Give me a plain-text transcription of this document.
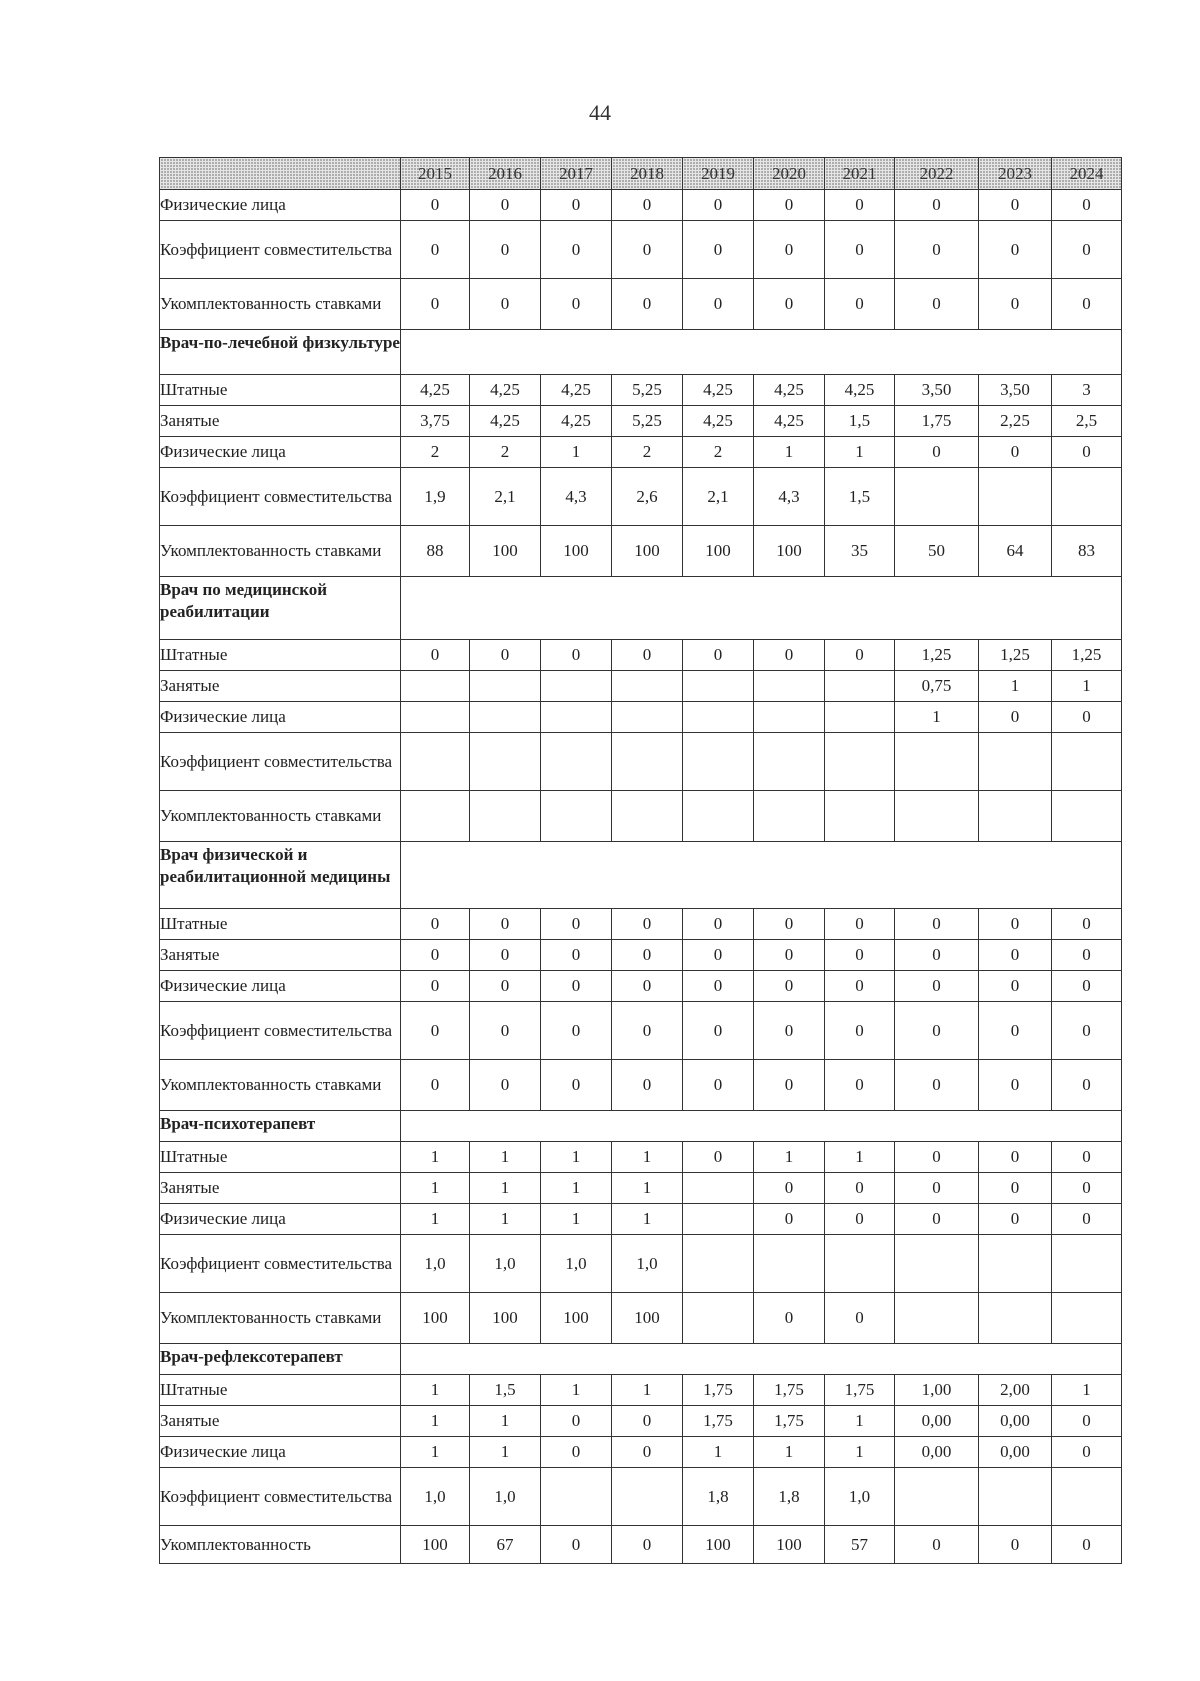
44
	2015	2016	2017	2018	2019	2020	2021	2022	2023	2024
Физические лица	0	0	0	0	0	0	0	0	0	0
Коэффициент совместительства	0	0	0	0	0	0	0	0	0	0
Укомплектованность ставками	0	0	0	0	0	0	0	0	0	0
Врач-по-лечебной физкультуре										
Штатные	4,25	4,25	4,25	5,25	4,25	4,25	4,25	3,50	3,50	3
Занятые	3,75	4,25	4,25	5,25	4,25	4,25	1,5	1,75	2,25	2,5
Физические лица	2	2	1	2	2	1	1	0	0	0
Коэффициент совместительства	1,9	2,1	4,3	2,6	2,1	4,3	1,5			
Укомплектованность ставками	88	100	100	100	100	100	35	50	64	83
Врач по медицинской реабилитации										
Штатные	0	0	0	0	0	0	0	1,25	1,25	1,25
Занятые								0,75	1	1
Физические лица								1	0	0
Коэффициент совместительства										
Укомплектованность ставками										
Врач физической и реабилитационной медицины										
Штатные	0	0	0	0	0	0	0	0	0	0
Занятые	0	0	0	0	0	0	0	0	0	0
Физические лица	0	0	0	0	0	0	0	0	0	0
Коэффициент совместительства	0	0	0	0	0	0	0	0	0	0
Укомплектованность ставками	0	0	0	0	0	0	0	0	0	0
Врач-психотерапевт										
Штатные	1	1	1	1	0	1	1	0	0	0
Занятые	1	1	1	1		0	0	0	0	0
Физические лица	1	1	1	1		0	0	0	0	0
Коэффициент совместительства	1,0	1,0	1,0	1,0						
Укомплектованность ставками	100	100	100	100		0	0			
Врач-рефлексотерапевт										
Штатные	1	1,5	1	1	1,75	1,75	1,75	1,00	2,00	1
Занятые	1	1	0	0	1,75	1,75	1	0,00	0,00	0
Физические лица	1	1	0	0	1	1	1	0,00	0,00	0
Коэффициент совместительства	1,0	1,0			1,8	1,8	1,0			
Укомплектованность	100	67	0	0	100	100	57	0	0	0
